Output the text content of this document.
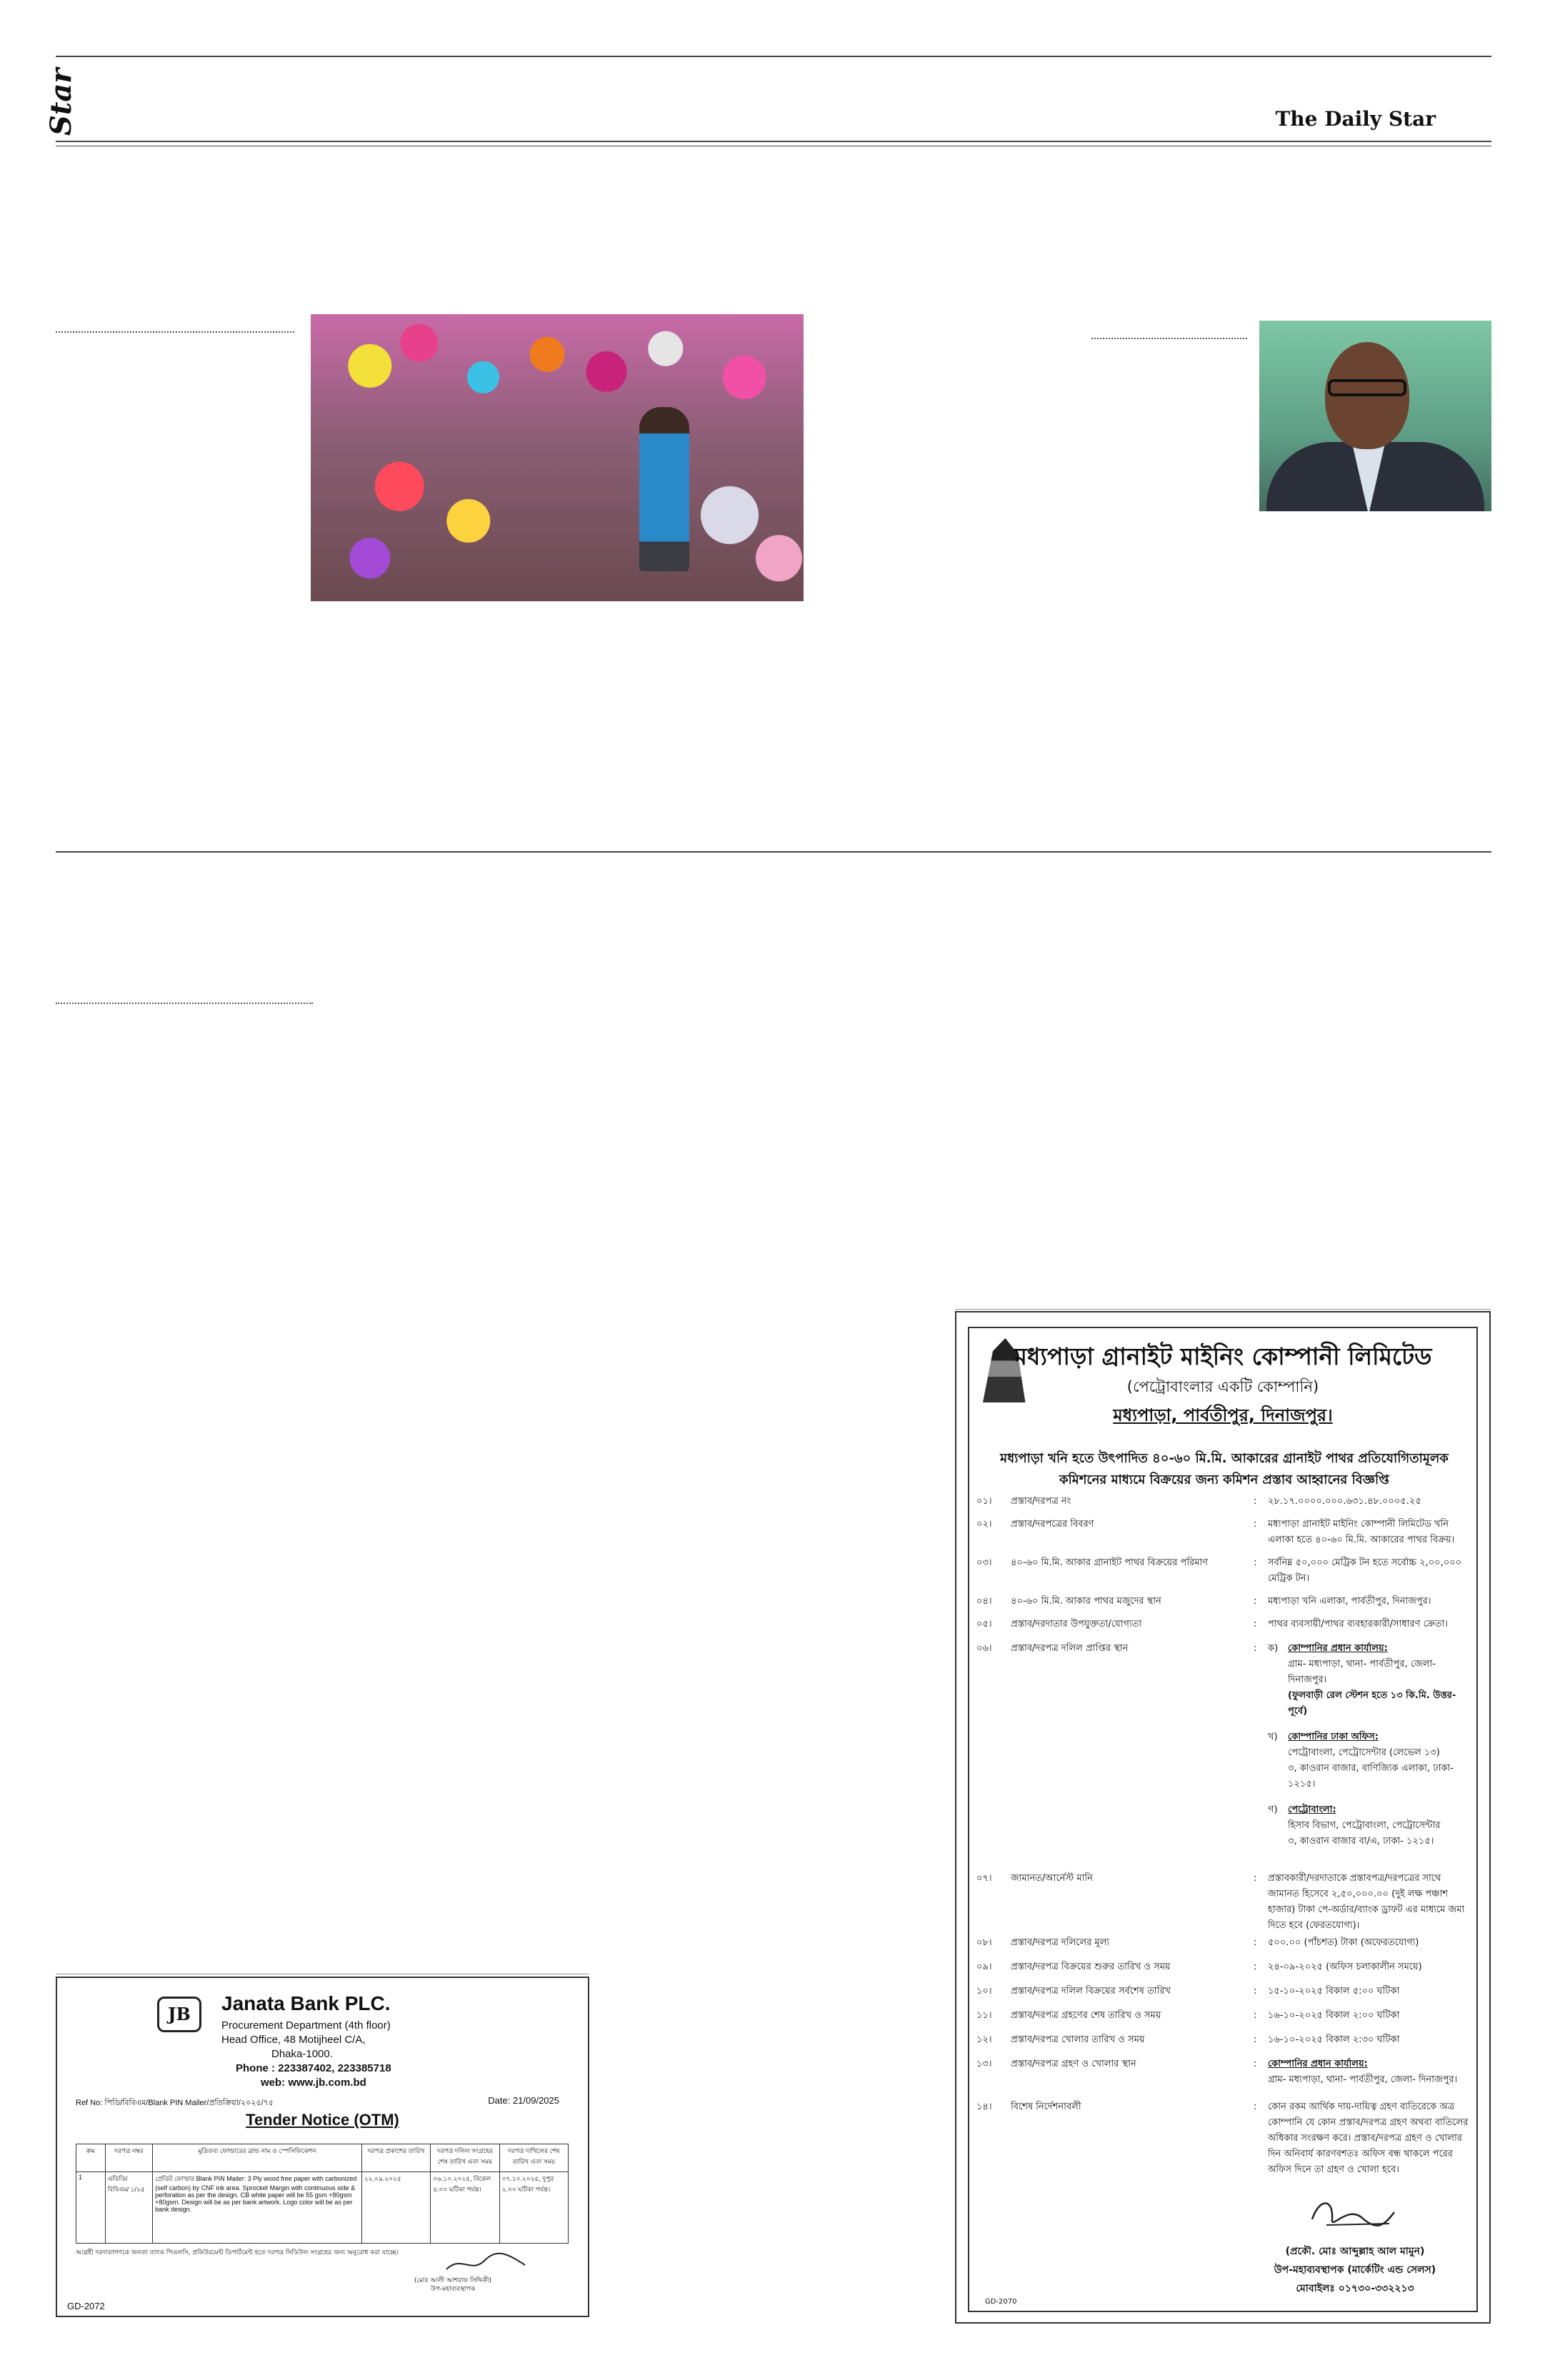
Star	The Daily Star
JB	Janata Bank PLC.
Procurement Department (4th floor)
Head Office, 48 Motijheel C/A,
Dhaka-1000.
Phone : 223387402, 223385718
web: www.jb.com.bd
Ref No: পিডি/বিবিএম/Blank PIN Mailer/প্রতিক্রিয়া/২০২৫/৭৫	Date: 21/09/2025
Tender Notice (OTM)
ক্রম	দরপত্র নম্বর	মুদ্রিতব্য ফোল্ডারের ব্রান্ড নাম ও স্পেসিফিকেশন	দরপত্র প্রকাশের তারিখ	দরপত্র দলিল সংগ্রহের শেষ তারিখ এবং সময়	দরপত্র দাখিলের শেষ তারিখ এবং সময়
1	এডিডি/ বিবিএম/ ১/২৫	প্রেডিট ফোল্ডার Blank PIN Mailer: 3 Ply wood free paper with carbonized (self carbon) by CNF ink area. Sprocket Margin with continuous side & perforation as per the design. CB white paper will be 55 gsm +80gsm +80gsm. Design will be as per bank artwork. Logo color will be as per bank design.	২২.০৯.২০২৫	০৬.১০.২০২৫, বিকেল ৪.০০ ঘটিকা পর্যন্ত।	০৭.১০.২০২৫, দুপুর ২.০০ ঘটিকা পর্যন্ত।
আগ্রহী দরদাতাগণকে জনতা ব্যাংক পিএলসি, প্রকিউরমেন্ট ডিপার্টমেন্ট হতে দরপত্র সিডিউল সংগ্রহের জন্য অনুরোধ করা যাচ্ছে।
(মোঃ আলী আশরাফ সিদ্দিকী)
উপ-মহাব্যবস্থাপক
GD-2072
মধ্যপাড়া গ্রানাইট মাইনিং কোম্পানী লিমিটেড
(পেট্রোবাংলার একটি কোম্পানি)
মধ্যপাড়া, পার্বতীপুর, দিনাজপুর।
মধ্যপাড়া খনি হতে উৎপাদিত ৪০-৬০ মি.মি. আকারের গ্রানাইট পাথর প্রতিযোগিতামূলক কমিশনের মাধ্যমে বিক্রয়ের জন্য কমিশন প্রস্তাব আহ্বানের বিজ্ঞপ্তি
০১।	প্রস্তাব/দরপত্র নং	:	২৮.১৭.০০০০.০০০.৬৩১.৪৮.০০০৫.২৫
০২।	প্রস্তাব/দরপত্রের বিবরণ	:	মধ্যপাড়া গ্রানাইট মাইনিং কোম্পানী লিমিটেড খনি এলাকা হতে ৪০-৬০ মি.মি. আকারের পাথর বিক্রয়।
০৩।	৪০-৬০ মি.মি. আকার গ্রানাইট পাথর বিক্রয়ের পরিমাণ	:	সর্বনিম্ন ৫০,০০০ মেট্রিক টন হতে সর্বোচ্চ ২,০০,০০০ মেট্রিক টন।
০৪।	৪০-৬০ মি.মি. আকার পাথর মজুদের স্থান	:	মধ্যপাড়া খনি এলাকা, পার্বতীপুর, দিনাজপুর।
০৫।	প্রস্তাব/দরদাতার উপযুক্ততা/যোগ্যতা	:	পাথর ব্যবসায়ী/পাথর ব্যবহারকারী/সাধারণ ক্রেতা।
০৬।	প্রস্তাব/দরপত্র দলিল প্রাপ্তির স্থান	:	ক) কোম্পানির প্রধান কার্যালয়:
গ্রাম- মধ্যপাড়া, থানা- পার্বতীপুর, জেলা- দিনাজপুর।
(ফুলবাড়ী রেল স্টেশন হতে ১৩ কি.মি. উত্তর-পূর্বে)
খ) কোম্পানির ঢাকা অফিস:
পেট্রোবাংলা, পেট্রোসেন্টার (লেভেল ১৩)
৩, কাওরান বাজার, বাণিজ্যিক এলাকা, ঢাকা- ১২১৫।
গ) পেট্রোবাংলা:
হিসাব বিভাগ, পেট্রোবাংলা, পেট্রোসেন্টার
৩, কাওরান বাজার বা/এ, ঢাকা- ১২১৫।
০৭।	জামানত/আর্নেস্ট মানি	:	প্রস্তাবকারী/দরদাতাকে প্রস্তাবপত্র/দরপত্রের সাথে জামানত হিসেবে ২,৫০,০০০.০০ (দুই লক্ষ পঞ্চাশ হাজার) টাকা পে-অর্ডার/ব্যাংক ড্রাফট এর মাধ্যমে জমা দিতে হবে (ফেরতযোগ্য)।
০৮।	প্রস্তাব/দরপত্র দলিলের মূল্য	:	৫০০.০০ (পাঁচশত) টাকা (অফেরতযোগ্য)
০৯।	প্রস্তাব/দরপত্র বিক্রয়ের শুরুর তারিখ ও সময়	:	২৪-০৯-২০২৫ (অফিস চলাকালীন সময়ে)
১০।	প্রস্তাব/দরপত্র দলিল বিক্রয়ের সর্বশেষ তারিখ	:	১৫-১০-২০২৫ বিকাল ৫:০০ ঘটিকা
১১।	প্রস্তাব/দরপত্র গ্রহণের শেষ তারিখ ও সময়	:	১৬-১০-২০২৫ বিকাল ২:০০ ঘটিকা
১২।	প্রস্তাব/দরপত্র খোলার তারিখ ও সময়	:	১৬-১০-২০২৫ বিকাল ২:৩০ ঘটিকা
১৩।	প্রস্তাব/দরপত্র গ্রহণ ও খোলার স্থান	:	কোম্পানির প্রধান কার্যালয়:
গ্রাম- মধ্যপাড়া, থানা- পার্বতীপুর, জেলা- দিনাজপুর।
১৪।	বিশেষ নির্দেশনাবলী	:	কোন রকম আর্থিক দায়-দায়িত্ব গ্রহণ ব্যতিরেকে অত্র কোম্পানি যে কোন প্রস্তাব/দরপত্র গ্রহণ অথবা বাতিলের অধিকার সংরক্ষণ করে। প্রস্তাব/দরপত্র গ্রহণ ও খোলার দিন অনিবার্য কারণবশতঃ অফিস বন্ধ থাকলে পরের অফিস দিনে তা গ্রহণ ও খোলা হবে।
(প্রকৌ. মোঃ আব্দুল্লাহ আল মামুন)
উপ-মহাব্যবস্থাপক (মার্কেটিং এন্ড সেলস)
মোবাইলঃ ০১৭৩০-৩৩২২১৩
GD-2070
